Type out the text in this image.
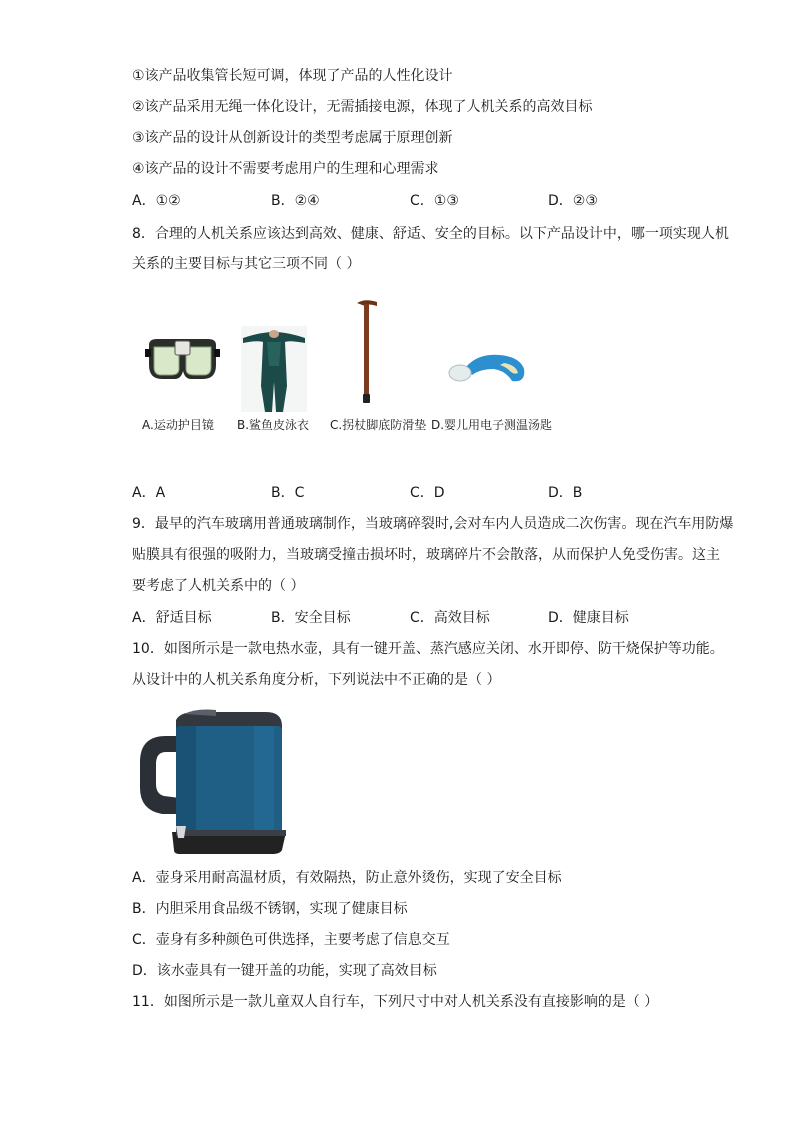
①该产品收集管长短可调，体现了产品的人性化设计
②该产品采用无绳一体化设计，无需插接电源，体现了人机关系的高效目标
③该产品的设计从创新设计的类型考虑属于原理创新
④该产品的设计不需要考虑用户的生理和心理需求
A．①②	B．②④	C．①③	D．②③
8．合理的人机关系应该达到高效、健康、舒适、安全的目标。以下产品设计中，哪一项实现人机
关系的主要目标与其它三项不同（ ）
A.运动护目镜 B.鲨鱼皮泳衣 C.拐杖脚底防滑垫 D.婴儿用电子测温汤匙
A．A	B．C	C．D	D．B
9．最早的汽车玻璃用普通玻璃制作，当玻璃碎裂时,会对车内人员造成二次伤害。现在汽车用防爆
贴膜具有很强的吸附力，当玻璃受撞击损坏时，玻璃碎片不会散落，从而保护人免受伤害。这主
要考虑了人机关系中的（ ）
A．舒适目标	B．安全目标	C．高效目标	D．健康目标
10．如图所示是一款电热水壶，具有一键开盖、蒸汽感应关闭、水开即停、防干烧保护等功能。
从设计中的人机关系角度分析，下列说法中不正确的是（ ）
A．壶身采用耐高温材质，有效隔热，防止意外烫伤，实现了安全目标
B．内胆采用食品级不锈钢，实现了健康目标
C．壶身有多种颜色可供选择，主要考虑了信息交互
D．该水壶具有一键开盖的功能，实现了高效目标
11．如图所示是一款儿童双人自行车，下列尺寸中对人机关系没有直接影响的是（ ）
